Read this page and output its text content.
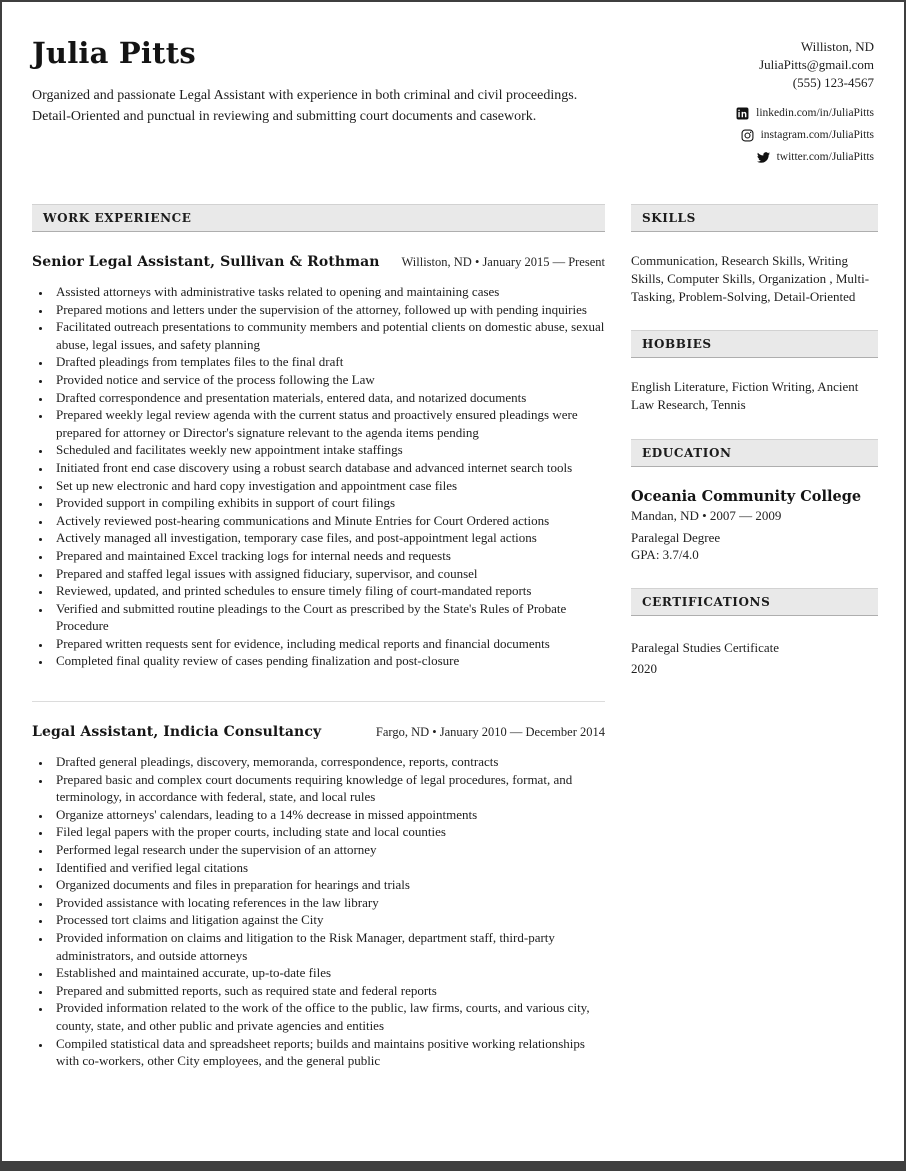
Julia Pitts
Organized and passionate Legal Assistant with experience in both criminal and civil proceedings. Detail-Oriented and punctual in reviewing and submitting court documents and casework.
Williston, ND
JuliaPitts@gmail.com
(555) 123-4567
linkedin.com/in/JuliaPitts
instagram.com/JuliaPitts
twitter.com/JuliaPitts
WORK EXPERIENCE
Senior Legal Assistant, Sullivan & Rothman Williston, ND • January 2015 — Present
• Assisted attorneys with administrative tasks related to opening and maintaining cases
• Prepared motions and letters under the supervision of the attorney, followed up with pending inquiries
• Facilitated outreach presentations to community members and potential clients on domestic abuse, sexual abuse, legal issues, and safety planning
• Drafted pleadings from templates files to the final draft
• Provided notice and service of the process following the Law
• Drafted correspondence and presentation materials, entered data, and notarized documents
• Prepared weekly legal review agenda with the current status and proactively ensured pleadings were prepared for attorney or Director's signature relevant to the agenda items pending
• Scheduled and facilitates weekly new appointment intake staffings
• Initiated front end case discovery using a robust search database and advanced internet search tools
• Set up new electronic and hard copy investigation and appointment case files
• Provided support in compiling exhibits in support of court filings
• Actively reviewed post-hearing communications and Minute Entries for Court Ordered actions
• Actively managed all investigation, temporary case files, and post-appointment legal actions
• Prepared and maintained Excel tracking logs for internal needs and requests
• Prepared and staffed legal issues with assigned fiduciary, supervisor, and counsel
• Reviewed, updated, and printed schedules to ensure timely filing of court-mandated reports
• Verified and submitted routine pleadings to the Court as prescribed by the State's Rules of Probate Procedure
• Prepared written requests sent for evidence, including medical reports and financial documents
• Completed final quality review of cases pending finalization and post-closure
Legal Assistant, Indicia Consultancy	Fargo, ND • January 2010 — December 2014
• Drafted general pleadings, discovery, memoranda, correspondence, reports, contracts
• Prepared basic and complex court documents requiring knowledge of legal procedures, format, and terminology, in accordance with federal, state, and local rules
• Organize attorneys' calendars, leading to a 14% decrease in missed appointments
• Filed legal papers with the proper courts, including state and local counties
• Performed legal research under the supervision of an attorney
• Identified and verified legal citations
• Organized documents and files in preparation for hearings and trials
• Provided assistance with locating references in the law library
• Processed tort claims and litigation against the City
• Provided information on claims and litigation to the Risk Manager, department staff, third-party administrators, and outside attorneys
• Established and maintained accurate, up-to-date files
• Prepared and submitted reports, such as required state and federal reports
• Provided information related to the work of the office to the public, law firms, courts, and various city, county, state, and other public and private agencies and entities
• Compiled statistical data and spreadsheet reports; builds and maintains positive working relationships with co-workers, other City employees, and the general public
SKILLS
Communication, Research Skills, Writing Skills, Computer Skills, Organization , Multi-Tasking, Problem-Solving, Detail-Oriented
HOBBIES
English Literature, Fiction Writing, Ancient Law Research, Tennis
EDUCATION
Oceania Community College
Mandan, ND • 2007 — 2009
Paralegal Degree
GPA: 3.7/4.0
CERTIFICATIONS
Paralegal Studies Certificate
2020
